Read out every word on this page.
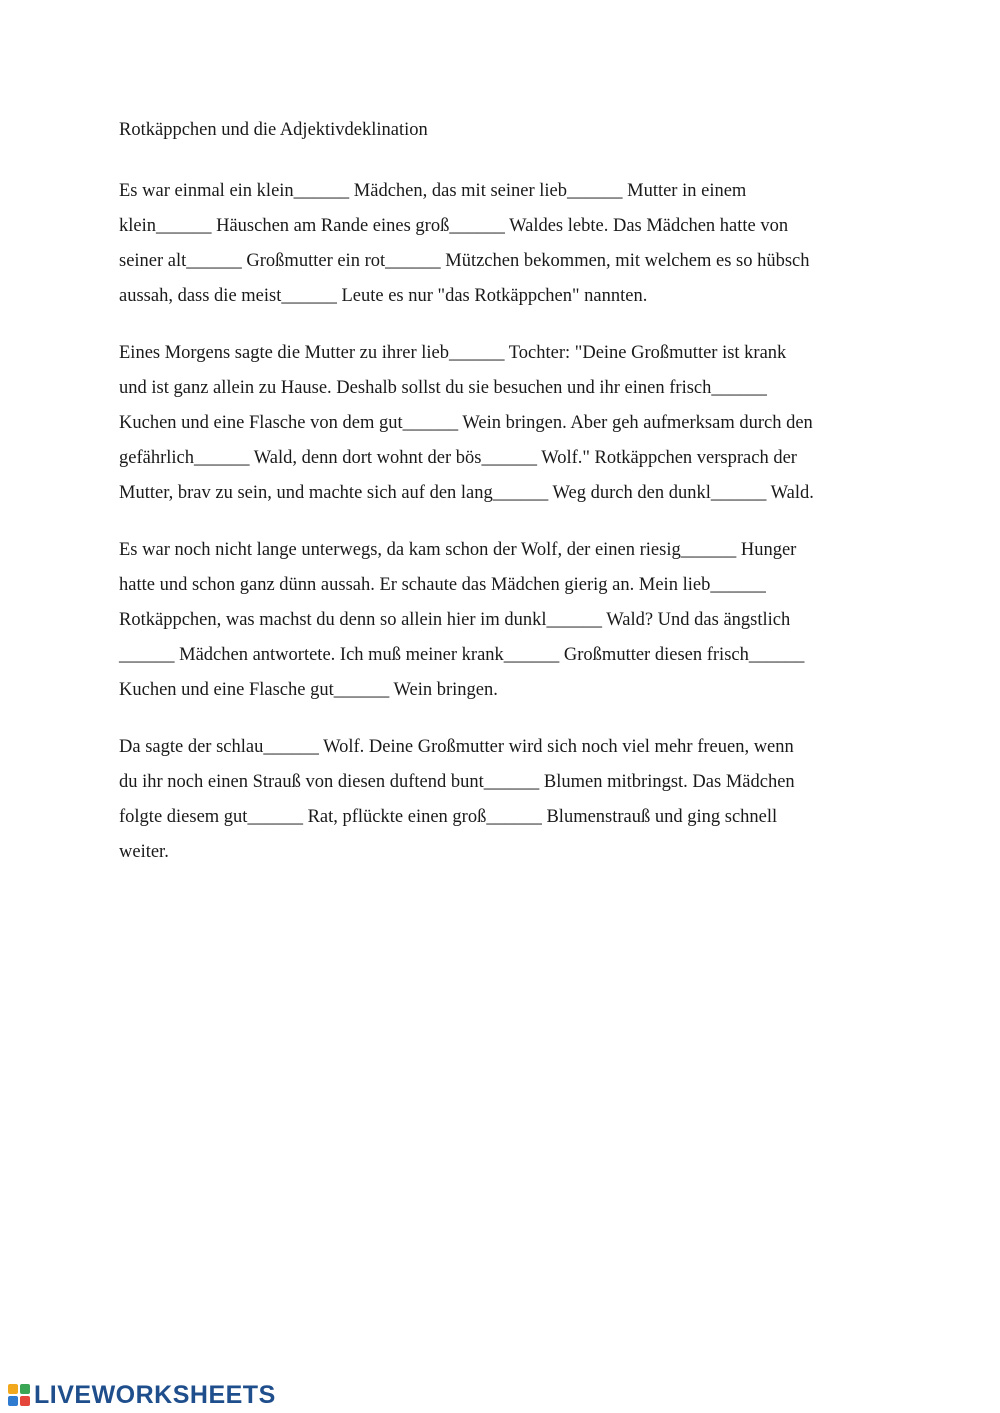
Rotkäppchen und die Adjektivdeklination
Es war einmal ein klein______ Mädchen, das mit seiner lieb______ Mutter in einem
klein______ Häuschen am Rande eines groß______ Waldes lebte. Das Mädchen hatte von
seiner alt______ Großmutter ein rot______ Mützchen bekommen, mit welchem es so hübsch
aussah, dass die meist______ Leute es nur "das Rotkäppchen" nannten.
Eines Morgens sagte die Mutter zu ihrer lieb______ Tochter: "Deine Großmutter ist krank
und ist ganz allein zu Hause. Deshalb sollst du sie besuchen und ihr einen frisch______
Kuchen und eine Flasche von dem gut______ Wein bringen. Aber geh aufmerksam durch den
gefährlich______ Wald, denn dort wohnt der bös______ Wolf." Rotkäppchen versprach der
Mutter, brav zu sein, und machte sich auf den lang______ Weg durch den dunkl______ Wald.
Es war noch nicht lange unterwegs, da kam schon der Wolf, der einen riesig______ Hunger
hatte und schon ganz dünn aussah. Er schaute das Mädchen gierig an. Mein lieb______
Rotkäppchen, was machst du denn so allein hier im dunkl______ Wald? Und das ängstlich
______ Mädchen antwortete. Ich muß meiner krank______ Großmutter diesen frisch______
Kuchen und eine Flasche gut______ Wein bringen.
Da sagte der schlau______ Wolf. Deine Großmutter wird sich noch viel mehr freuen, wenn
du ihr noch einen Strauß von diesen duftend bunt______ Blumen mitbringst. Das Mädchen
folgte diesem gut______ Rat, pflückte einen groß______ Blumenstrauß und ging schnell
weiter.
LIVEWORKSHEETS
